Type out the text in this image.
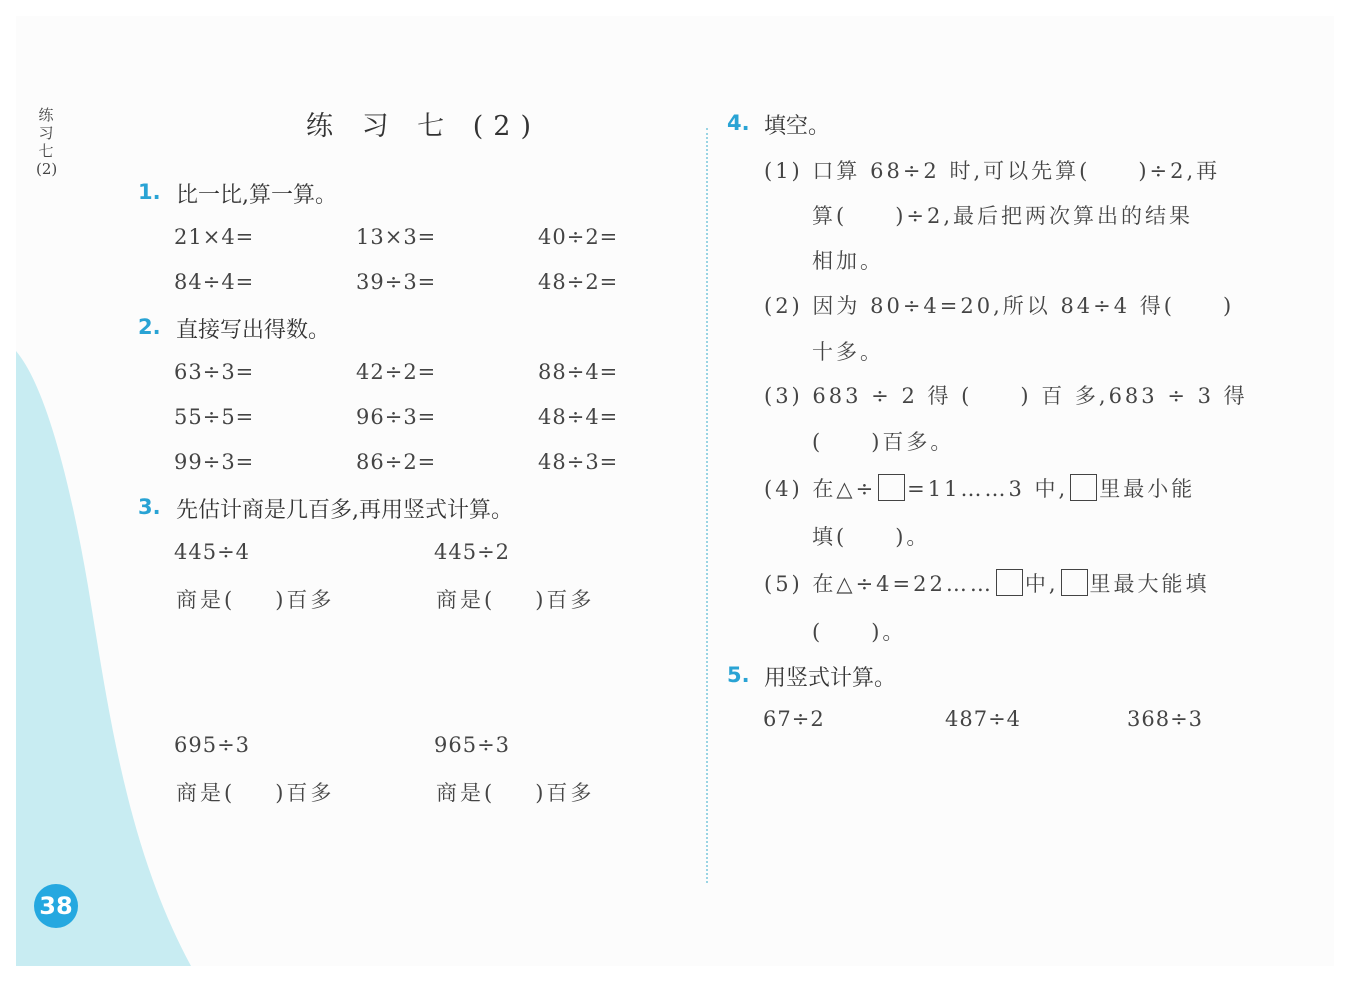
练习七(2)
练 习 七 (2)
1. 比一比,算一算。
21×4=	13×3=	40÷2=
84÷4=	39÷3=	48÷2=
2. 直接写出得数。
63÷3=	42÷2=	88÷4=
55÷5=	96÷3=	48÷4=
99÷3=	86÷2=	48÷3=
3. 先估计商是几百多,再用竖式计算。
445÷4
商是( )百多
445÷2
商是( )百多
695÷3
商是( )百多
965÷3
商是( )百多
4. 填空。
(1) 口算 68÷2 时,可以先算(　　)÷2,再
算(　　)÷2,最后把两次算出的结果
相加。
(2) 因为 80÷4=20,所以 84÷4 得(　　)
十多。
(3) 683 ÷ 2 得 (　　) 百 多,683 ÷ 3 得
(　　)百多。
(4) 在△÷ =11……3 中, 里最小能
填(　　)。
(5) 在△÷4=22…… 中, 里最大能填
(　　)。
5. 用竖式计算。
67÷2	487÷4	368÷3
38
